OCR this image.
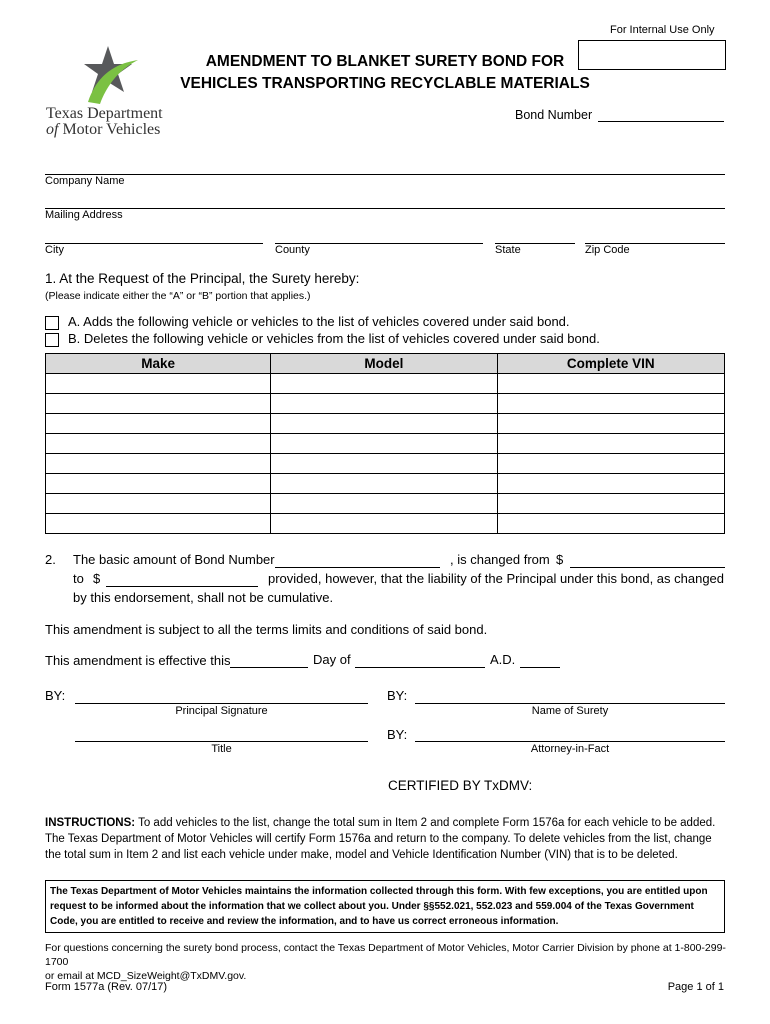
For Internal Use Only
Texas Department
of Motor Vehicles
AMENDMENT TO BLANKET SURETY BOND FOR
VEHICLES TRANSPORTING RECYCLABLE MATERIALS
Bond Number
Company Name
Mailing Address
City	County	State	Zip Code
1. At the Request of the Principal, the Surety hereby:
(Please indicate either the “A” or “B” portion that applies.)
A. Adds the following vehicle or vehicles to the list of vehicles covered under said bond.
B. Deletes the following vehicle or vehicles from the list of vehicles covered under said bond.
Make	Model	Complete VIN

2. The basic amount of Bond Number	, is changed from $
to $	provided, however, that the liability of the Principal under this bond, as changed
by this endorsement, shall not be cumulative.
This amendment is subject to all the terms limits and conditions of said bond.
This amendment is effective this	Day of	A.D.
BY:
Principal Signature
BY:
Name of Surety
Title
BY:
Attorney-in-Fact
CERTIFIED BY TxDMV:
INSTRUCTIONS: To add vehicles to the list, change the total sum in Item 2 and complete Form 1576a for each vehicle to be added.
The Texas Department of Motor Vehicles will certify Form 1576a and return to the company. To delete vehicles from the list, change
the total sum in Item 2 and list each vehicle under make, model and Vehicle Identification Number (VIN) that is to be deleted.
The Texas Department of Motor Vehicles maintains the information collected through this form. With few exceptions, you are entitled upon
request to be informed about the information that we collect about you. Under §§552.021, 552.023 and 559.004 of the Texas Government
Code, you are entitled to receive and review the information, and to have us correct erroneous information.
For questions concerning the surety bond process, contact the Texas Department of Motor Vehicles, Motor Carrier Division by phone at 1-800-299-1700
or email at MCD_SizeWeight@TxDMV.gov.
Form 1577a (Rev. 07/17)	Page 1 of 1
